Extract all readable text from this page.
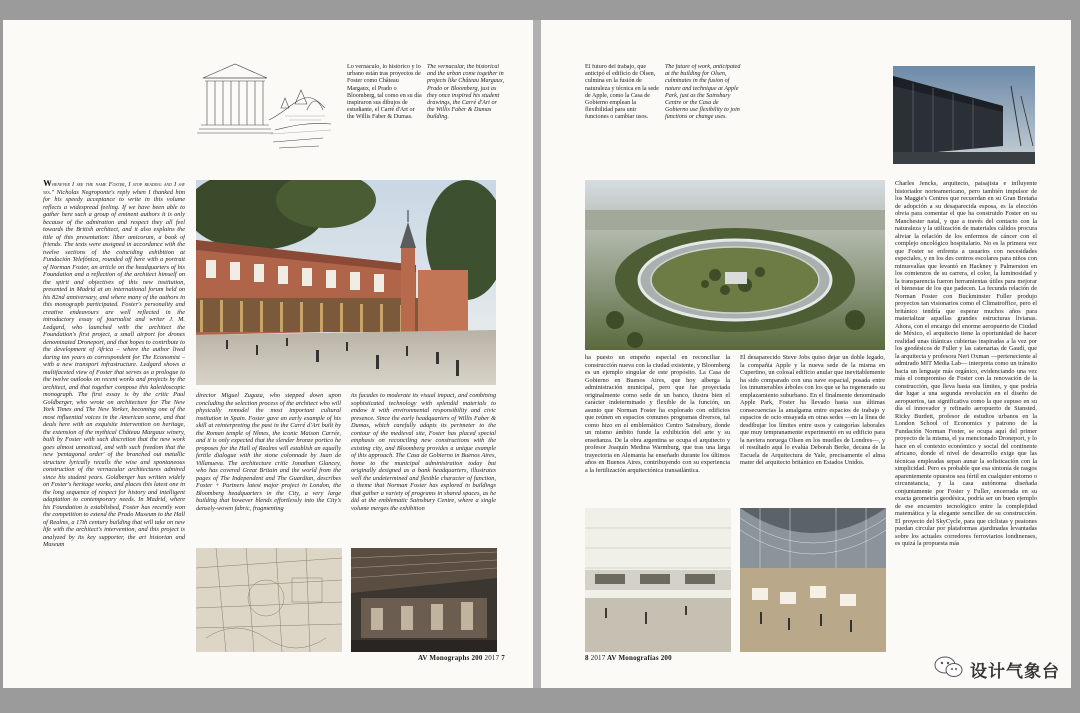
Lo vernáculo, lo histórico y lo urbano están tras proyectos de Foster como Château Margaux, el Prado o Bloomberg, tal como en su día inspiraron sus dibujos de estudiante, el Carré d'Art or the Willis Faber & Dumas.
The vernacular, the historical and the urban come together in projects like Château Margaux, Prado or Bloomberg, just as they once inspired his student drawings, the Carré d'Art or the Willis Faber & Dumas building.
Whenever I see the name Foster, I stop reading and I say yes." Nicholas Negroponte's reply when I thanked him for his speedy acceptance to write in this volume reflects a widespread feeling. If we have been able to gather here such a group of eminent authors it is only because of the admiration and respect they all feel towards the British architect, and it also explains the title of this presentation: liber amicorum, a book of friends. The texts were assigned in accordance with the twelve sections of the coinciding exhibition at Fundación Telefónica, rounded off here with a portrait of Norman Foster, an article on the headquarters of his Foundation and a reflection of the architect himself on the spirit and objectives of this new institution, presented in Madrid at an international forum held on his 82nd anniversary, and where many of the authors in this monograph participated. Foster's personality and creative endeavours are well reflected in the introductory essay of journalist and writer J. M. Ledgard, who launched with the architect the Foundation's first project, a small airport for drones denominated Droneport, and that hopes to contribute to the development of Africa – where the author lived during ten years as correspondent for The Economist – with a new transport infrastructure. Ledgard shows a multifaceted view of Foster that serves as a prologue to the twelve outlooks on recent works and projects by the architect, and that together compose this kaleidoscopic monograph. The first essay is by the critic Paul Goldberger, who wrote on architecture for The New York Times and The New Yorker, becoming one of the most influential voices in the American scene, and that deals here with an exquisite intervention on heritage, the extension of the mythical Château Margaux winery, built by Foster with such discretion that the new work goes almost unnoticed, and with such freedom that the new 'pentagonal order' of the branched out metallic structure lyrically recalls the wise and spontaneous construction of the vernacular architectures admired since his student years. Goldberger has written widely on Foster's heritage works, and places this latest one in the long sequence of respect for history and intelligent adaptation to contemporary needs. In Madrid, where his Foundation is established, Foster has recently won the competition to extend the Prado Museum to the Hall of Realms, a 17th century building that will take on new life with the architect's intervention, and this project is analyzed by its key supporter, the art historian and Museum
director Miguel Zugaza, who stepped down upon concluding the selection process of the architect who will physically remodel the most important cultural institution in Spain. Foster gave an early example of his skill at reinterpreting the past in the Carré d'Art built by the Roman temple of Nîmes, the iconic Maison Carrée, and it is only expected that the slender bronze portico he proposes for the Hall of Realms will establish an equally fertile dialogue with the stone colonnade by Juan de Villanueva. The architecture critic Jonathan Glancey, who has covered Great Britain and the world from the pages of The Independent and The Guardian, describes Foster + Partners latest major project in London, the Bloomberg headquarters in the City, a very large building that however blends effortlessly into the City's densely-woven fabric, fragmenting
its facades to moderate its visual impact, and combining sophisticated technology with splendid materials to endow it with environmental responsibility and civic presence. Since the early headquarters of Willis Faber & Dumas, which carefully adapts its perimeter to the contour of the medieval site, Foster has placed special emphasis on reconciling new constructions with the existing city, and Bloomberg provides a unique example of this approach. The Casa de Gobierno in Buenos Aires, home to the municipal administration today but originally designed as a bank headquarters, illustrates well the undetermined and flexible character of function, a theme that Norman Foster has explored in buildings that gather a variety of programs in shared spaces, as he did at the emblematic Sainsbury Centre, where a single volume merges the exhibition
AV Monographs 200 2017 7
El futuro del trabajo, que anticipó el edificio de Olsen, culmina en la fusión de naturaleza y técnica en la sede de Apple, como la Casa de Gobierno emplean la flexibilidad para unir funciones o cambiar usos.
The future of work, anticipated at the building for Olsen, culminates in the fusion of nature and technique at Apple Park, just as the Sainsbury Centre or the Casa de Gobierno use flexibility to join functions or change uses.
ha puesto un empeño especial en reconciliar la construcción nueva con la ciudad existente, y Bloomberg es un ejemplo singular de este propósito. La Casa de Gobierno en Buenos Aires, que hoy alberga la administración municipal, pero que fue proyectada originalmente como sede de un banco, ilustra bien el carácter indeterminado y flexible de la función, un asunto que Norman Foster ha explorado con edificios que reúnen en espacios comunes programas diversos, tal como hizo en el emblemático Centro Sainsbury, donde un mismo ámbito funde la exhibición del arte y su enseñanza. De la obra argentina se ocupa el arquitecto y profesor Joaquín Medina Warmburg, que tras una larga trayectoria en Alemania ha enseñado durante los últimos años en Buenos Aires, contribuyendo con su experiencia a la fertilización arquitectónica transatlántica.
El desaparecido Steve Jobs quiso dejar un doble legado, la compañía Apple y la nueva sede de la misma en Cupertino, un colosal edificio anular que inevitablemente ha sido comparado con una nave espacial, posada entre los innumerables árboles con los que se ha regenerado su emplazamiento suburbano. En el finalmente denominado Apple Park, Foster ha llevado hasta sus últimas consecuencias la amalgama entre espacios de trabajo y espacios de ocio ensayada en otras sedes —en la línea de desdibujar los límites entre usos y categorías laborales que muy tempranamente experimentó en su edificio para la naviera noruega Olsen en los muelles de Londres—, y el resultado aquí lo evalúa Deborah Berke, decana de la Escuela de Arquitectura de Yale, precisamente el alma mater del arquitecto británico en Estados Unidos.
Charles Jencks, arquitecto, paisajista e influyente historiador norteamericano, pero también impulsor de los Maggie's Centres que recuerdan en su Gran Bretaña de adopción a su desaparecida esposa, es la elección obvia para comentar el que ha construido Foster en su Manchester natal, y que a través del contacto con la naturaleza y la utilización de materiales cálidos procura aliviar la relación de los enfermos de cáncer con el complejo oncológico hospitalario. No es la primera vez que Foster se enfrenta a usuarios con necesidades especiales, y en los des centros escolares para niños con minusvalías que levantó en Hackney y Palmerston en los comienzos de su carrera, el color, la luminosidad y la transparencia fueron herramientas útiles para mejorar el bienestar de los que padecen. La fecunda relación de Norman Foster con Buckminster Fuller produjo proyectos tan visionarios como el Climatroffice, pero el británico tendría que esperar muchos años para materializar aquellas grandes estructuras livianas. Ahora, con el encargo del enorme aeropuerto de Ciudad de México, el arquitecto tiene la oportunidad de hacer realidad unas títánicas cubiertas inspiradas a la vez por los geodésicos de Fuller y las catenarias de Gaudí, que la arquitecta y profesora Neri Oxman —perteneciente al admirado MIT Media Lab— interpreta como un tránsito hacia un lenguaje más orgánico, evidenciando una vez más el compromiso de Foster con la renovación de la construcción, que lleva hasta sus límites, y que podría dar lugar a una segunda revolución en el diseño de aeropuertos, tan significativa como la que supuso en su día el innovador y refinado aeropuerto de Stansted. Ricky Burdett, profesor de estudios urbanos en la London School of Economics y patrono de la Fundación Norman Foster, se ocupa aquí del primer proyecto de la misma, el ya mencionado Droneport, y lo hace en el contexto económico y social del continente africano, donde el nivel de desarrollo exige que las técnicas empleadas sepan aunar la sofisticación con la simplicidad. Pero es probable que esa sintonía de rasgos aparentemente opuestos sea fértil en cualquier entorno o circunstancia, y la casa autónoma diseñada conjuntamente por Foster y Fuller, encerrada en su exacta geometría geodésica, podría ser un buen ejemplo de ese encuentro tecnológico entre la complejidad matemática y la elegante sencillez de su construcción. El proyecto del SkyCycle, para que ciclistas y peatones puedan circular por plataformas ajardinadas levantadas sobre los actuales corredores ferroviarios londinenses, es quizá la propuesta más
8 2017 AV Monografías 200
设计气象台
